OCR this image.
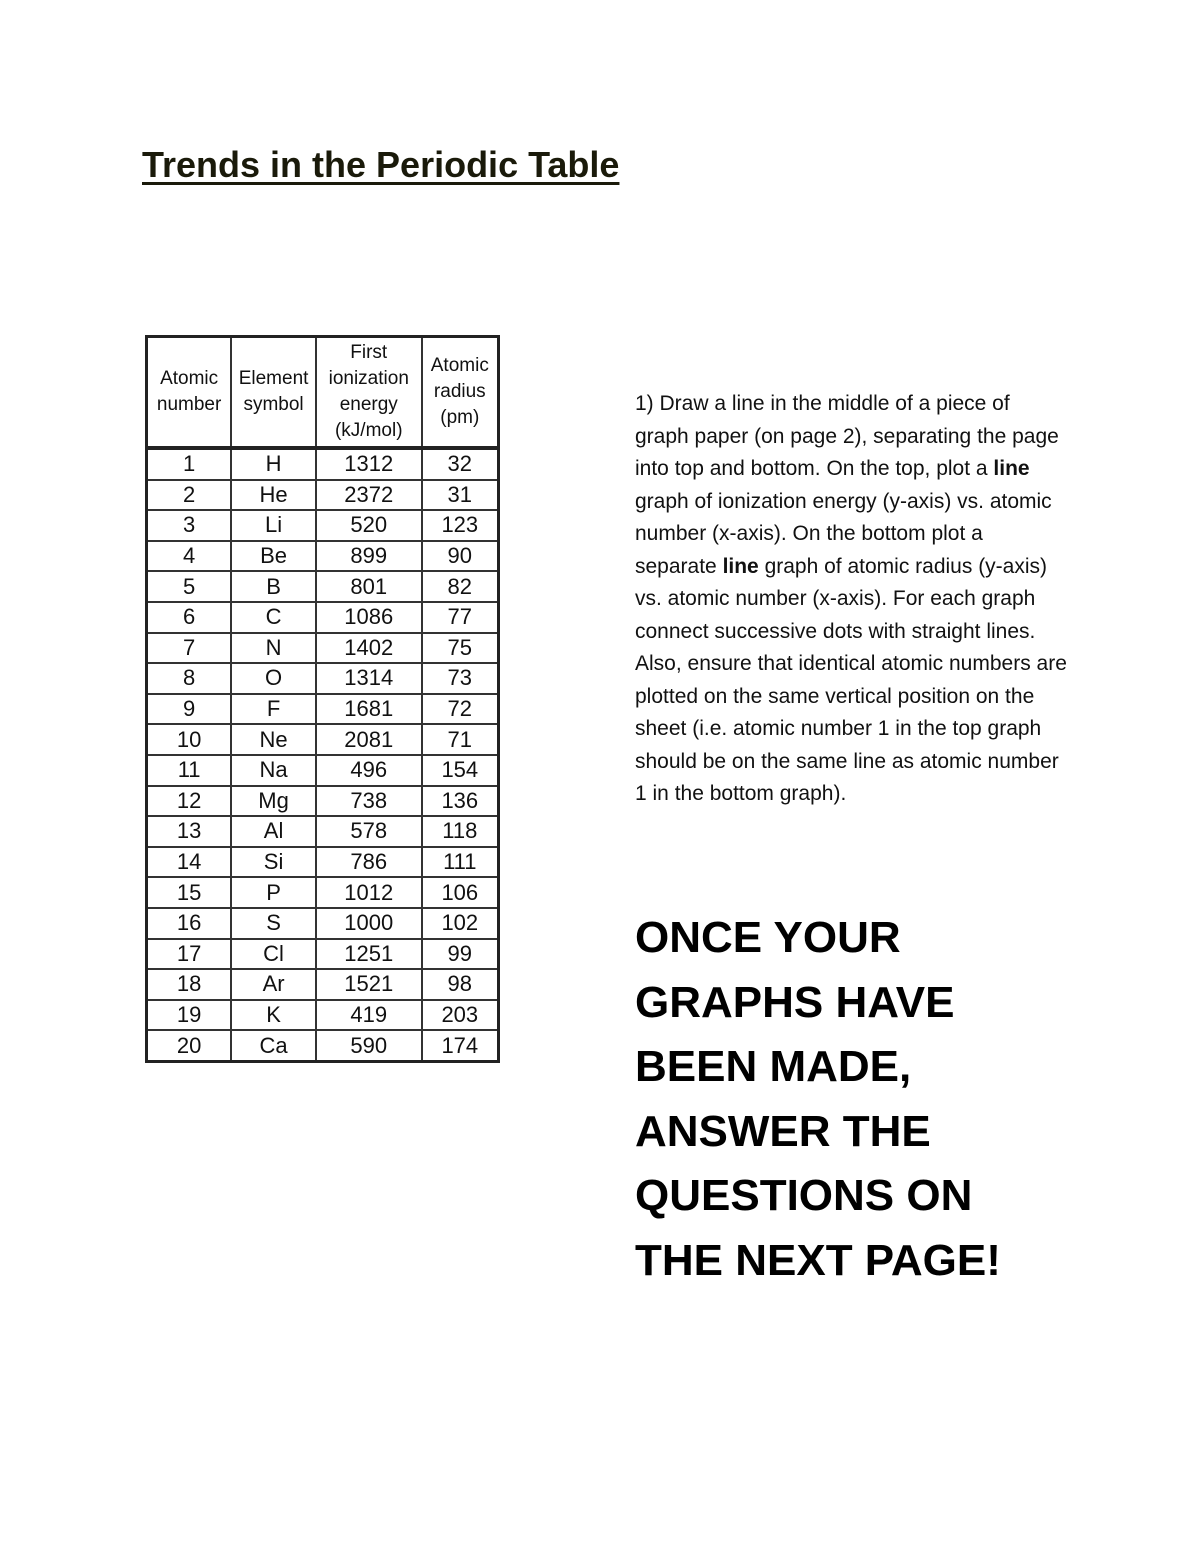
Trends in the Periodic Table
Atomic
number	Element
symbol	First
ionization
energy
(kJ/mol)	Atomic
radius
(pm)
1	H	1312	32
2	He	2372	31
3	Li	520	123
4	Be	899	90
5	B	801	82
6	C	1086	77
7	N	1402	75
8	O	1314	73
9	F	1681	72
10	Ne	2081	71
11	Na	496	154
12	Mg	738	136
13	Al	578	118
14	Si	786	111
15	P	1012	106
16	S	1000	102
17	Cl	1251	99
18	Ar	1521	98
19	K	419	203
20	Ca	590	174
1) Draw a line in the middle of a piece of graph paper (on page 2), separating the page into top and bottom. On the top, plot a line graph of ionization energy (y-axis) vs. atomic number (x-axis). On the bottom plot a separate line graph of atomic radius (y-axis) vs. atomic number (x-axis). For each graph connect successive dots with straight lines. Also, ensure that identical atomic numbers are plotted on the same vertical position on the sheet (i.e. atomic number 1 in the top graph should be on the same line as atomic number 1 in the bottom graph).
ONCE YOUR GRAPHS HAVE BEEN MADE, ANSWER THE QUESTIONS ON THE NEXT PAGE!
